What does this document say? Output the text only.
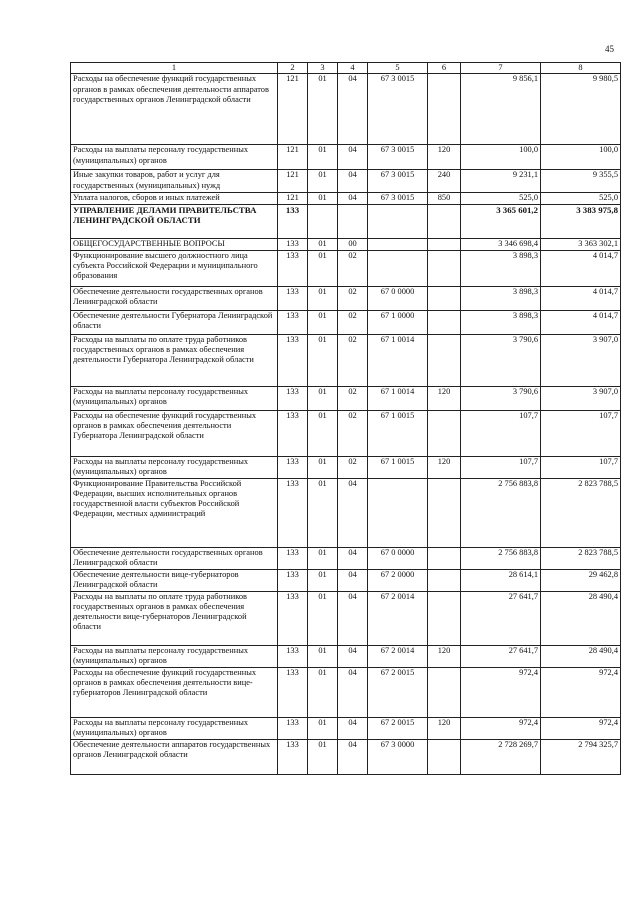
45
1	2	3	4	5	6	7	8
Расходы на обеспечение функций государственных органов в рамках обеспечения деятельности аппаратов государственных органов Ленинградской области	121	01	04	67 3 0015		9 856,1	9 980,5
Расходы на выплаты персоналу государственных (муниципальных) органов	121	01	04	67 3 0015	120	100,0	100,0
Иные закупки товаров, работ и услуг для государственных (муниципальных) нужд	121	01	04	67 3 0015	240	9 231,1	9 355,5
Уплата налогов, сборов и иных платежей	121	01	04	67 3 0015	850	525,0	525,0
УПРАВЛЕНИЕ ДЕЛАМИ ПРАВИТЕЛЬСТВА ЛЕНИНГРАДСКОЙ ОБЛАСТИ	133					3 365 601,2	3 383 975,8
ОБЩЕГОСУДАРСТВЕННЫЕ ВОПРОСЫ	133	01	00			3 346 698,4	3 363 302,1
Функционирование высшего должностного лица субъекта Российской Федерации и муниципального образования	133	01	02			3 898,3	4 014,7
Обеспечение деятельности государственных органов Ленинградской области	133	01	02	67 0 0000		3 898,3	4 014,7
Обеспечение деятельности Губернатора Ленинградской области	133	01	02	67 1 0000		3 898,3	4 014,7
Расходы на выплаты по оплате труда работников государственных органов в рамках обеспечения деятельности Губернатора Ленинградской области	133	01	02	67 1 0014		3 790,6	3 907,0
Расходы на выплаты персоналу государственных (муниципальных) органов	133	01	02	67 1 0014	120	3 790,6	3 907,0
Расходы на обеспечение функций государственных органов в рамках обеспечения деятельности Губернатора Ленинградской области	133	01	02	67 1 0015		107,7	107,7
Расходы на выплаты персоналу государственных (муниципальных) органов	133	01	02	67 1 0015	120	107,7	107,7
Функционирование Правительства Российской Федерации, высших исполнительных органов государственной власти субъектов Российской Федерации, местных администраций	133	01	04			2 756 883,8	2 823 788,5
Обеспечение деятельности государственных органов Ленинградской области	133	01	04	67 0 0000		2 756 883,8	2 823 788,5
Обеспечение деятельности вице-губернаторов Ленинградской области	133	01	04	67 2 0000		28 614,1	29 462,8
Расходы на выплаты по оплате труда работников государственных органов в рамках обеспечения деятельности вице-губернаторов Ленинградской области	133	01	04	67 2 0014		27 641,7	28 490,4
Расходы на выплаты персоналу государственных (муниципальных) органов	133	01	04	67 2 0014	120	27 641,7	28 490,4
Расходы на обеспечение функций государственных органов в рамках обеспечения деятельности вице-губернаторов Ленинградской области	133	01	04	67 2 0015		972,4	972,4
Расходы на выплаты персоналу государственных (муниципальных) органов	133	01	04	67 2 0015	120	972,4	972,4
Обеспечение деятельности аппаратов государственных органов Ленинградской области	133	01	04	67 3 0000		2 728 269,7	2 794 325,7
